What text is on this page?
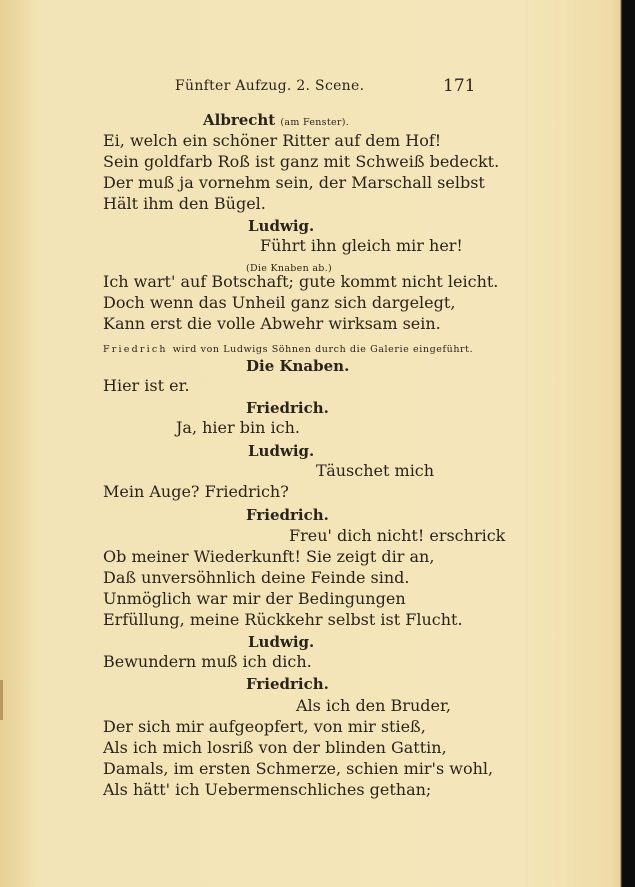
Fünfter Aufzug. 2. Scene.	171
Albrecht (am Fenster).
Ei, welch ein schöner Ritter auf dem Hof!
Sein goldfarb Roß ist ganz mit Schweiß bedeckt.
Der muß ja vornehm sein, der Marschall selbst
Hält ihm den Bügel.
Ludwig.
Führt ihn gleich mir her!
(Die Knaben ab.)
Ich wart' auf Botschaft; gute kommt nicht leicht.
Doch wenn das Unheil ganz sich dargelegt,
Kann erst die volle Abwehr wirksam sein.
Friedrich wird von Ludwigs Söhnen durch die Galerie eingeführt.
Die Knaben.
Hier ist er.
Friedrich.
Ja, hier bin ich.
Ludwig.
Täuschet mich
Mein Auge? Friedrich?
Friedrich.
Freu' dich nicht! erschrick
Ob meiner Wiederkunft! Sie zeigt dir an,
Daß unversöhnlich deine Feinde sind.
Unmöglich war mir der Bedingungen
Erfüllung, meine Rückkehr selbst ist Flucht.
Ludwig.
Bewundern muß ich dich.
Friedrich.
Als ich den Bruder,
Der sich mir aufgeopfert, von mir stieß,
Als ich mich losriß von der blinden Gattin,
Damals, im ersten Schmerze, schien mir's wohl,
Als hätt' ich Uebermenschliches gethan;
